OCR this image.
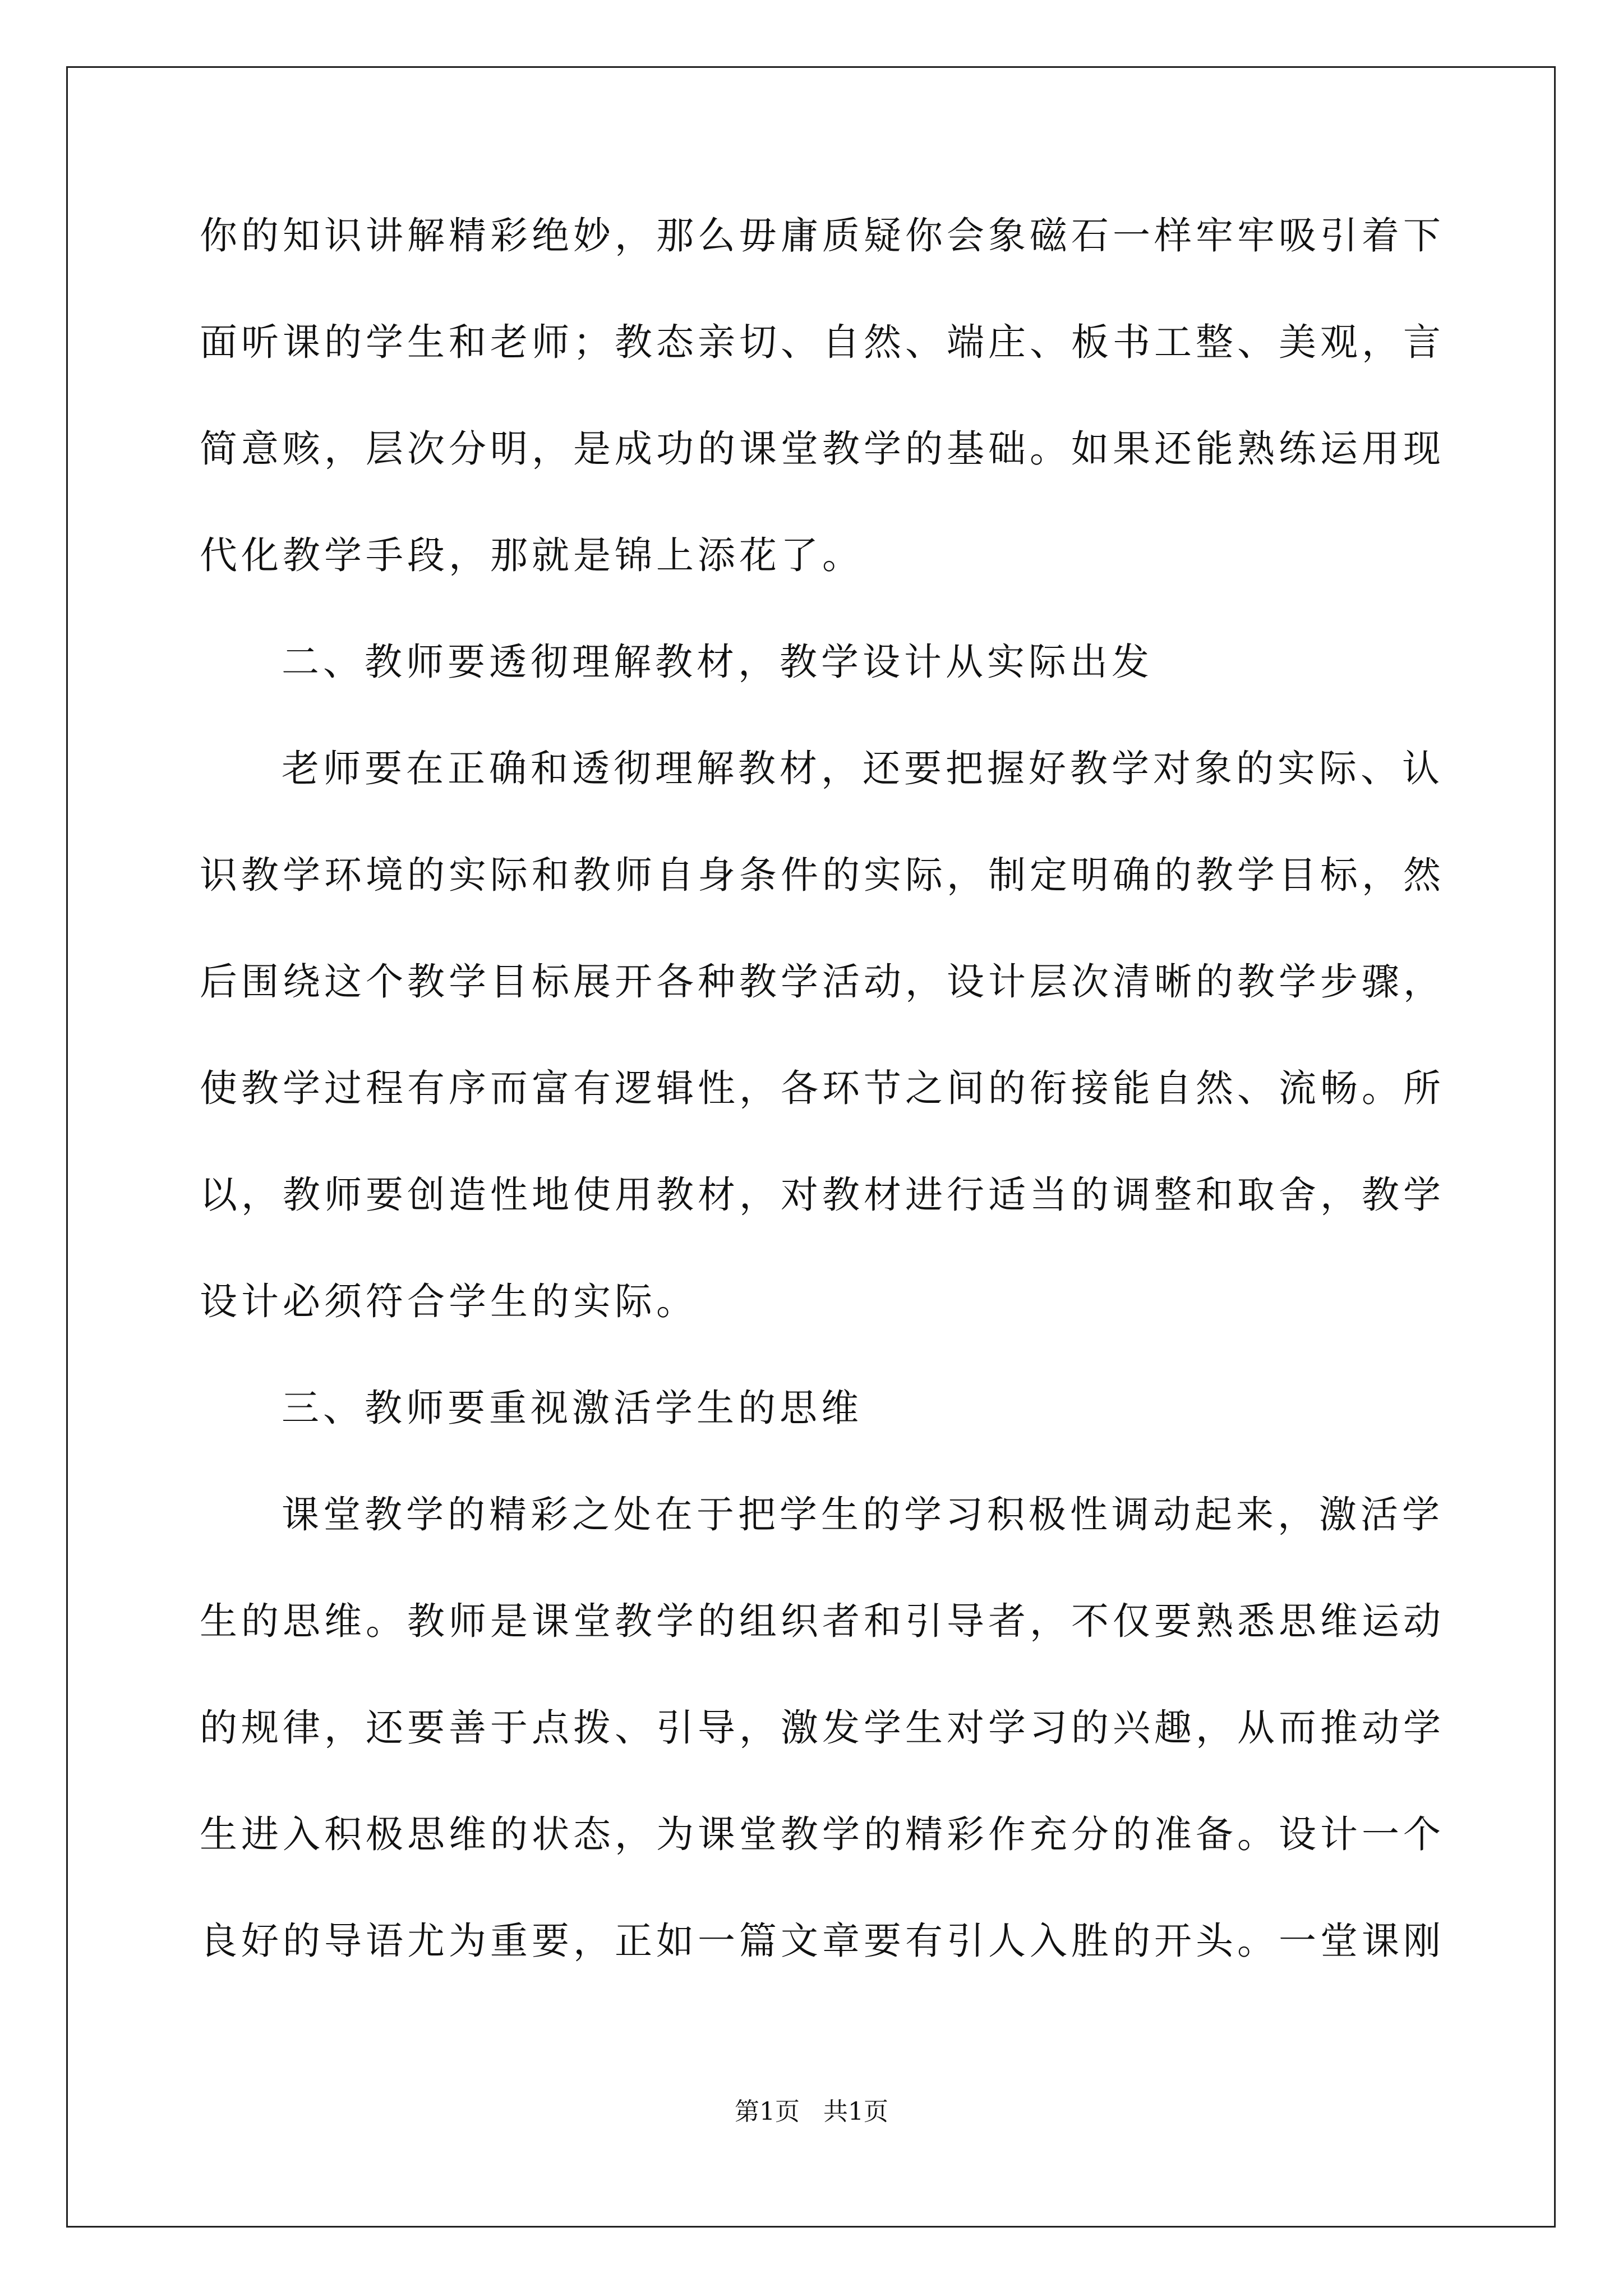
你的知识讲解精彩绝妙，那么毋庸质疑你会象磁石一样牢牢吸引着下
面听课的学生和老师；教态亲切、自然、端庄、板书工整、美观，言
简意赅，层次分明，是成功的课堂教学的基础。如果还能熟练运用现
代化教学手段，那就是锦上添花了。
二、教师要透彻理解教材，教学设计从实际出发
老师要在正确和透彻理解教材，还要把握好教学对象的实际、认
识教学环境的实际和教师自身条件的实际，制定明确的教学目标，然
后围绕这个教学目标展开各种教学活动，设计层次清晰的教学步骤，
使教学过程有序而富有逻辑性，各环节之间的衔接能自然、流畅。所
以，教师要创造性地使用教材，对教材进行适当的调整和取舍，教学
设计必须符合学生的实际。
三、教师要重视激活学生的思维
课堂教学的精彩之处在于把学生的学习积极性调动起来，激活学
生的思维。教师是课堂教学的组织者和引导者，不仅要熟悉思维运动
的规律，还要善于点拨、引导，激发学生对学习的兴趣，从而推动学
生进入积极思维的状态，为课堂教学的精彩作充分的准备。设计一个
良好的导语尤为重要，正如一篇文章要有引人入胜的开头。一堂课刚
第1页   共1页
